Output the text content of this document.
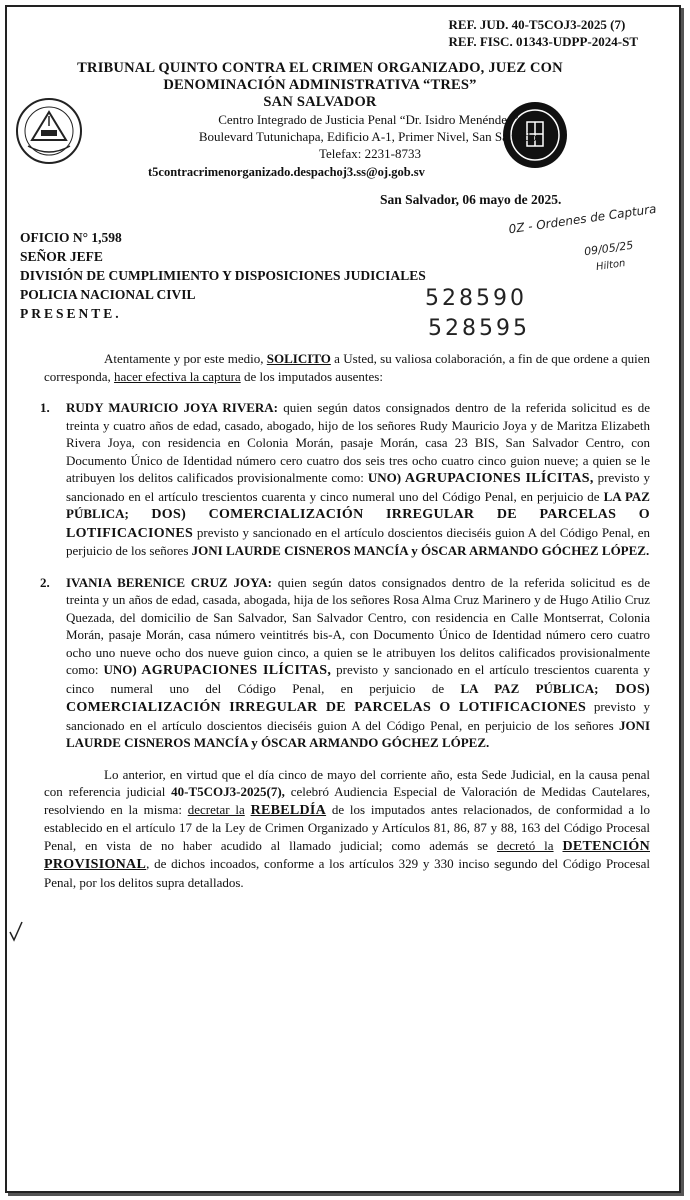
REF. JUD. 40-T5COJ3-2025 (7)
REF. FISC. 01343-UDPP-2024-ST
TRIBUNAL QUINTO CONTRA EL CRIMEN ORGANIZADO, JUEZ CON
DENOMINACIÓN ADMINISTRATIVA “TRES”
SAN SALVADOR
Centro Integrado de Justicia Penal “Dr. Isidro Menéndez”,
Boulevard Tutunichapa, Edificio A-1, Primer Nivel, San Salvador
Telefax: 2231-8733
t5contracrimenorganizado.despachoj3.ss@oj.gob.sv
San Salvador, 06 mayo de 2025.
0Z - Ordenes de Captura
09/05/25
Hilton
OFICIO N° 1,598
SEÑOR JEFE
DIVISIÓN DE CUMPLIMIENTO Y DISPOSICIONES JUDICIALES
POLICIA NACIONAL CIVIL
PRESENTE.
528590
528595

Atentamente y por este medio, SOLICITO a Usted, su valiosa colaboración, a fin de que ordene a quien corresponda, hacer efectiva la captura de los imputados ausentes:

1. RUDY MAURICIO JOYA RIVERA: quien según datos consignados dentro de la referida solicitud es de treinta y cuatro años de edad, casado, abogado, hijo de los señores Rudy Mauricio Joya y de Maritza Elizabeth Rivera Joya, con residencia en Colonia Morán, pasaje Morán, casa 23 BIS, San Salvador Centro, con Documento Único de Identidad número cero cuatro dos seis tres ocho cuatro cinco guion nueve; a quien se le atribuyen los delitos calificados provisionalmente como: UNO) AGRUPACIONES ILÍCITAS, previsto y sancionado en el artículo trescientos cuarenta y cinco numeral uno del Código Penal, en perjuicio de LA PAZ PÚBLICA; DOS) COMERCIALIZACIÓN IRREGULAR DE PARCELAS O LOTIFICACIONES previsto y sancionado en el artículo doscientos dieciséis guion A del Código Penal, en perjuicio de los señores JONI LAURDE CISNEROS MANCÍA y ÓSCAR ARMANDO GÓCHEZ LÓPEZ.

2. IVANIA BERENICE CRUZ JOYA: quien según datos consignados dentro de la referida solicitud es de treinta y un años de edad, casada, abogada, hija de los señores Rosa Alma Cruz Marinero y de Hugo Atilio Cruz Quezada, del domicilio de San Salvador, San Salvador Centro, con residencia en Calle Montserrat, Colonia Morán, pasaje Morán, casa número veintitrés bis-A, con Documento Único de Identidad número cero cuatro ocho uno nueve ocho dos nueve guion cinco, a quien se le atribuyen los delitos calificados provisionalmente como: UNO) AGRUPACIONES ILÍCITAS, previsto y sancionado en el artículo trescientos cuarenta y cinco numeral uno del Código Penal, en perjuicio de LA PAZ PÚBLICA; DOS) COMERCIALIZACIÓN IRREGULAR DE PARCELAS O LOTIFICACIONES previsto y sancionado en el artículo doscientos dieciséis guion A del Código Penal, en perjuicio de los señores JONI LAURDE CISNEROS MANCÍA y ÓSCAR ARMANDO GÓCHEZ LÓPEZ.

Lo anterior, en virtud que el día cinco de mayo del corriente año, esta Sede Judicial, en la causa penal con referencia judicial 40-T5COJ3-2025(7), celebró Audiencia Especial de Valoración de Medidas Cautelares, resolviendo en la misma: decretar la REBELDÍA de los imputados antes relacionados, de conformidad a lo establecido en el artículo 17 de la Ley de Crimen Organizado y Artículos 81, 86, 87 y 88, 163 del Código Procesal Penal, en vista de no haber acudido al llamado judicial; como además se decretó la DETENCIÓN PROVISIONAL, de dichos incoados, conforme a los artículos 329 y 330 inciso segundo del Código Procesal Penal, por los delitos supra detallados.
